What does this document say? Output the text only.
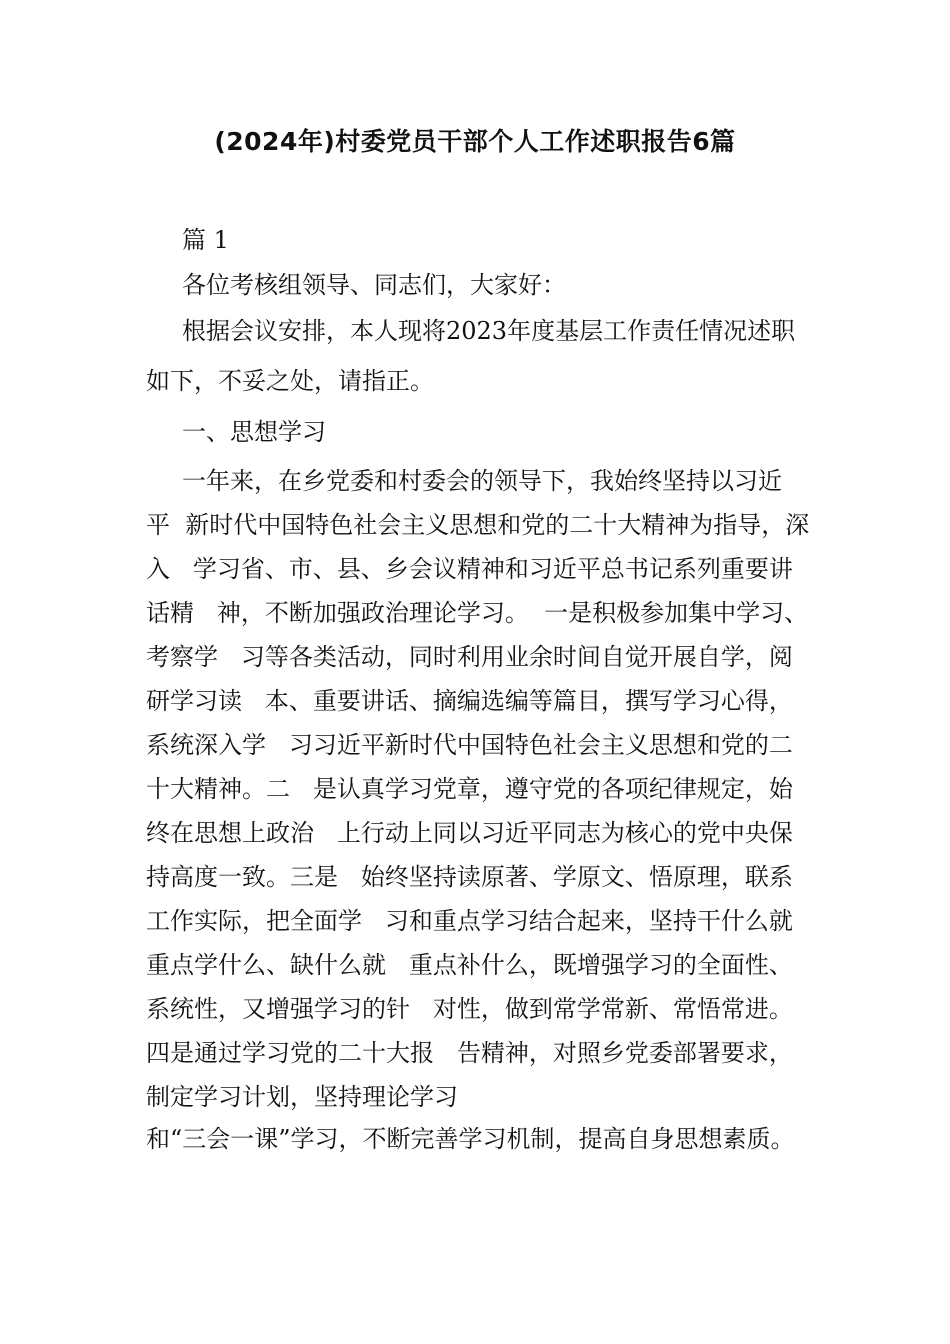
(2024年)村委党员干部个人工作述职报告6篇
篇 1
各位考核组领导、同志们，大家好：
根据会议安排，本人现将2023年度基层工作责任情况述职
如下，不妥之处，请指正。
一、思想学习
一年来，在乡党委和村委会的领导下，我始终坚持以习近
平  新时代中国特色社会主义思想和党的二十大精神为指导，深
入   学习省、市、县、乡会议精神和习近平总书记系列重要讲
话精   神，不断加强政治理论学习。  一是积极参加集中学习、
考察学   习等各类活动，同时利用业余时间自觉开展自学，阅
研学习读   本、重要讲话、摘编选编等篇目，撰写学习心得，
系统深入学   习习近平新时代中国特色社会主义思想和党的二
十大精神。二   是认真学习党章，遵守党的各项纪律规定，始
终在思想上政治   上行动上同以习近平同志为核心的党中央保
持高度一致。三是   始终坚持读原著、学原文、悟原理，联系
工作实际，把全面学   习和重点学习结合起来，坚持干什么就
重点学什么、缺什么就   重点补什么，既增强学习的全面性、
系统性，又增强学习的针   对性，做到常学常新、常悟常进。
四是通过学习党的二十大报   告精神，对照乡党委部署要求，
制定学习计划，坚持理论学习
和“三会一课”学习，不断完善学习机制，提高自身思想素质。
